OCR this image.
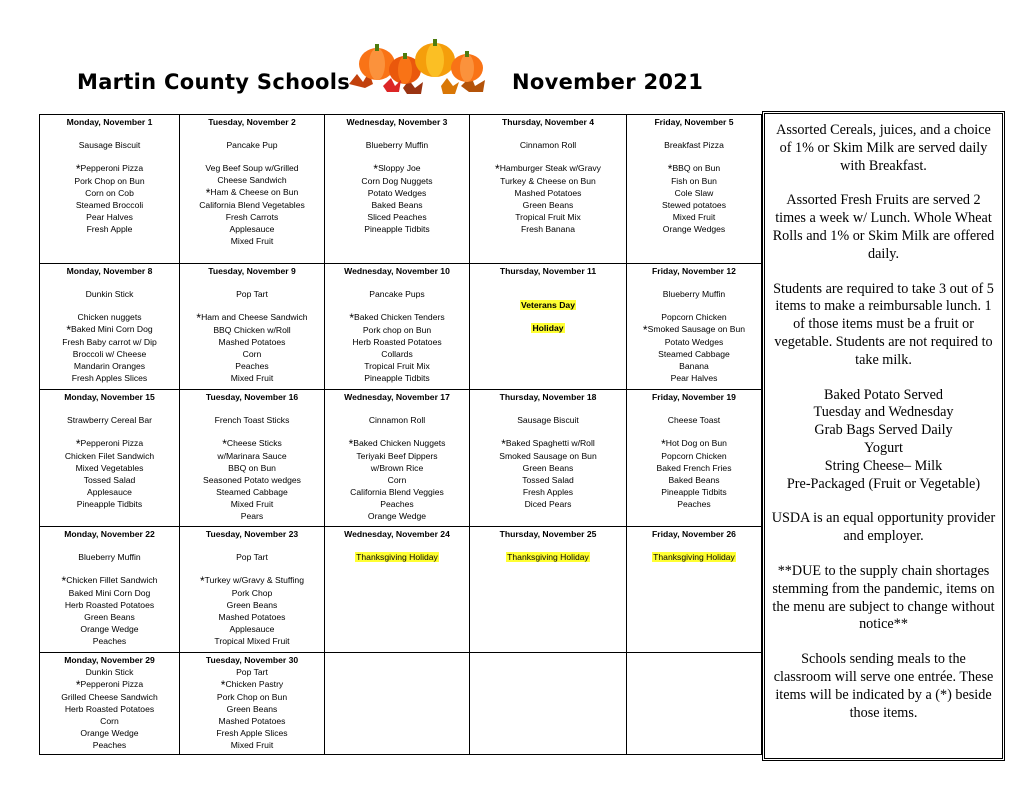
Martin County Schools	November 2021
Monday, November 1
Sausage Biscuit
*Pepperoni Pizza
Pork Chop on Bun
Corn on Cob
Steamed Broccoli
Pear Halves
Fresh Apple
Tuesday, November 2
Pancake Pup
Veg Beef Soup w/Grilled
Cheese Sandwich
*Ham & Cheese on Bun
California Blend Vegetables
Fresh Carrots
Applesauce
Mixed Fruit
Wednesday, November 3
Blueberry Muffin
*Sloppy Joe
Corn Dog Nuggets
Potato Wedges
Baked Beans
Sliced Peaches
Pineapple Tidbits
Thursday, November 4
Cinnamon Roll
*Hamburger Steak w/Gravy
Turkey & Cheese on Bun
Mashed Potatoes
Green Beans
Tropical Fruit Mix
Fresh Banana
Friday, November 5
Breakfast Pizza
*BBQ on Bun
Fish on Bun
Cole Slaw
Stewed potatoes
Mixed Fruit
Orange Wedges
Monday, November 8
Dunkin Stick
Chicken nuggets
*Baked Mini Corn Dog
Fresh Baby carrot w/ Dip
Broccoli w/ Cheese
Mandarin Oranges
Fresh Apples Slices
Tuesday, November 9
Pop Tart
*Ham and Cheese Sandwich
BBQ Chicken w/Roll
Mashed Potatoes
Corn
Peaches
Mixed Fruit
Wednesday, November 10
Pancake Pups
*Baked Chicken Tenders
Pork chop on Bun
Herb Roasted Potatoes
Collards
Tropical Fruit Mix
Pineapple Tidbits
Thursday, November 11
Veterans Day
Holiday
Friday, November 12
Blueberry Muffin
Popcorn Chicken
*Smoked Sausage on Bun
Potato Wedges
Steamed Cabbage
Banana
Pear Halves
Monday, November 15
Strawberry Cereal Bar
*Pepperoni Pizza
Chicken Filet Sandwich
Mixed Vegetables
Tossed Salad
Applesauce
Pineapple Tidbits
Tuesday, November 16
French Toast Sticks
*Cheese Sticks
w/Marinara Sauce
BBQ on Bun
Seasoned Potato wedges
Steamed Cabbage
Mixed Fruit
Pears
Wednesday, November 17
Cinnamon Roll
*Baked Chicken Nuggets
Teriyaki Beef Dippers
w/Brown Rice
Corn
California Blend Veggies
Peaches
Orange Wedge
Thursday, November 18
Sausage Biscuit
*Baked Spaghetti w/Roll
Smoked Sausage on Bun
Green Beans
Tossed Salad
Fresh Apples
Diced Pears
Friday, November 19
Cheese Toast
*Hot Dog on Bun
Popcorn Chicken
Baked French Fries
Baked Beans
Pineapple Tidbits
Peaches
Monday, November 22
Blueberry Muffin
*Chicken Fillet Sandwich
Baked Mini Corn Dog
Herb Roasted Potatoes
Green Beans
Orange Wedge
Peaches
Tuesday, November 23
Pop Tart
*Turkey w/Gravy & Stuffing
Pork Chop
Green Beans
Mashed Potatoes
Applesauce
Tropical Mixed Fruit
Wednesday, November 24
Thanksgiving Holiday
Thursday, November 25
Thanksgiving Holiday
Friday, November 26
Thanksgiving Holiday
Monday, November 29
Dunkin Stick
*Pepperoni Pizza
Grilled Cheese Sandwich
Herb Roasted Potatoes
Corn
Orange Wedge
Peaches
Tuesday, November 30
Pop Tart
*Chicken Pastry
Pork Chop on Bun
Green Beans
Mashed Potatoes
Fresh Apple Slices
Mixed Fruit

Assorted Cereals, juices, and a choice of 1% or Skim Milk are served daily with Breakfast.

Assorted Fresh Fruits are served 2 times a week w/ Lunch. Whole Wheat Rolls and 1% or Skim Milk are offered daily.

Students are required to take 3 out of 5 items to make a reimbursable lunch. 1 of those items must be a fruit or vegetable. Students are not required to take milk.

Baked Potato Served
Tuesday and Wednesday
Grab Bags Served Daily
Yogurt
String Cheese– Milk
Pre-Packaged (Fruit or Vegetable)

USDA is an equal opportunity provider and employer.

**DUE to the supply chain shortages stemming from the pandemic, items on the menu are subject to change without notice**

Schools sending meals to the classroom will serve one entrée. These items will be indicated by a (*) beside those items.
